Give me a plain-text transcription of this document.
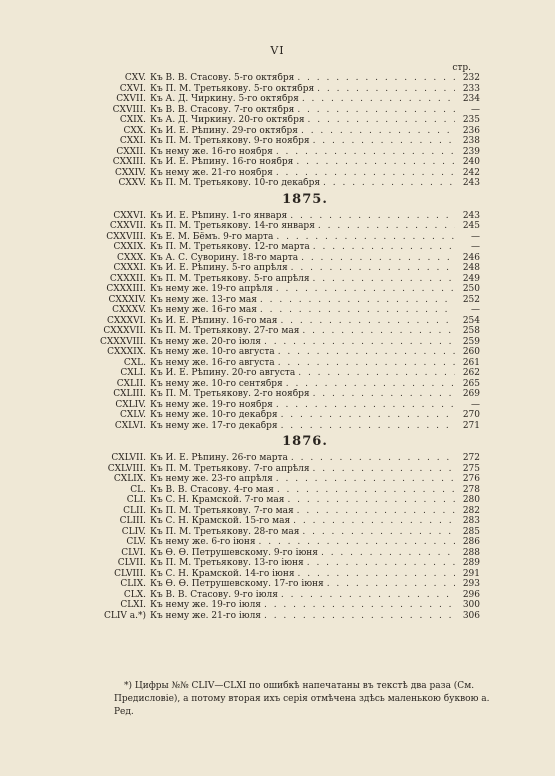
VI
стр.
CXV. Къ В. В. Стасову. 5-го октября . . .	232
CXVI. Къ П. М. Третьякову. 5-го октября . . .	233
CXVII. Къ А. Д. Чиркину. 5-го октября . . .	234
CXVIII. Къ В. В. Стасову. 7-го октября . . .	—
CXIX. Къ А. Д. Чиркину. 20-го октября . . .	235
CXX. Къ И. Е. Рѣпину. 29-го октября . . .	236
CXXI. Къ П. М. Третьякову. 9-го ноября . . .	238
CXXII. Къ нему же. 16-го ноября . . .	239
CXXIII. Къ И. Е. Рѣпину. 16-го ноября . . .	240
CXXIV. Къ нему же. 21-го ноября . . .	242
CXXV. Къ П. М. Третьякову. 10-го декабря . . .	243
1875.
CXXVI. Къ И. Е. Рѣпину. 1-го января . . .	243
CXXVII. Къ П. М. Третьякову. 14-го января . . .	245
CXXVIII. Къ Е. М. Бёмъ. 9-го марта . . .	—
CXXIX. Къ П. М. Третьякову. 12-го марта . . .	—
CXXX. Къ А. С. Суворину. 18-го марта . . .	246
CXXXI. Къ И. Е. Рѣпину. 5-го апрѣля . . .	248
CXXXII. Къ П. М. Третьякову. 5-го апрѣля . . .	249
CXXXIII. Къ нему же. 19-го апрѣля . . .	250
CXXXIV. Къ нему же. 13-го мая . . .	252
CXXXV. Къ нему же. 16-го мая . . .	—
CXXXVI. Къ И. Е. Рѣпину. 16-го мая . . .	254
CXXXVII. Къ П. М. Третьякову. 27-го мая . . .	258
CXXXVIII. Къ нему же. 20-го іюля . . .	259
CXXXIX. Къ нему же. 10-го августа . . .	260
CXL. Къ нему же. 16-го августа . . .	261
CXLI. Къ И. Е. Рѣпину. 20-го августа . . .	262
CXLII. Къ нему же. 10-го сентября . . .	265
CXLIII. Къ П. М. Третьякову. 2-го ноября . . .	269
CXLIV. Къ нему же. 19-го ноября . . .	—
CXLV. Къ нему же. 10-го декабря . . .	270
CXLVI. Къ нему же. 17-го декабря . . .	271
1876.
CXLVII. Къ И. Е. Рѣпину. 26-го марта . . .	272
CXLVIII. Къ П. М. Третьякову. 7-го апрѣля . . .	275
CXLIX. Къ нему же. 23-го апрѣля . . .	276
CL. Къ В. В. Стасову. 4-го мая . . .	278
CLI. Къ С. Н. Крамской. 7-го мая . . .	280
CLII. Къ П. М. Третьякову. 7-го мая . . .	282
CLIII. Къ С. Н. Крамской. 15-го мая . . .	283
CLIV. Къ П. М. Третьякову. 28-го мая . . .	285
CLV. Къ нему же. 6-го іюня . . .	286
CLVI. Къ Ѳ. Ѳ. Петрушевскому. 9-го іюня . . .	288
CLVII. Къ П. М. Третьякову. 13-го іюня . . .	289
CLVIII. Къ С. Н. Крамской. 14-го іюня . . .	291
CLIX. Къ Ѳ. Ѳ. Петрушевскому. 17-го іюня . . .	293
CLX. Къ В. В. Стасову. 9-го іюля . . .	296
CLXI. Къ нему же. 19-го іюля . . .	300
CLIV a.*) Къ нему же. 21-го іюля . . .	306
*) Цифры №№ CLIV—CLXI по ошибкѣ напечатаны въ текстѣ два раза (См. Предисловіе), а потому вторая ихъ серія отмѣчена здѣсь маленькою буквою а. Ред.
